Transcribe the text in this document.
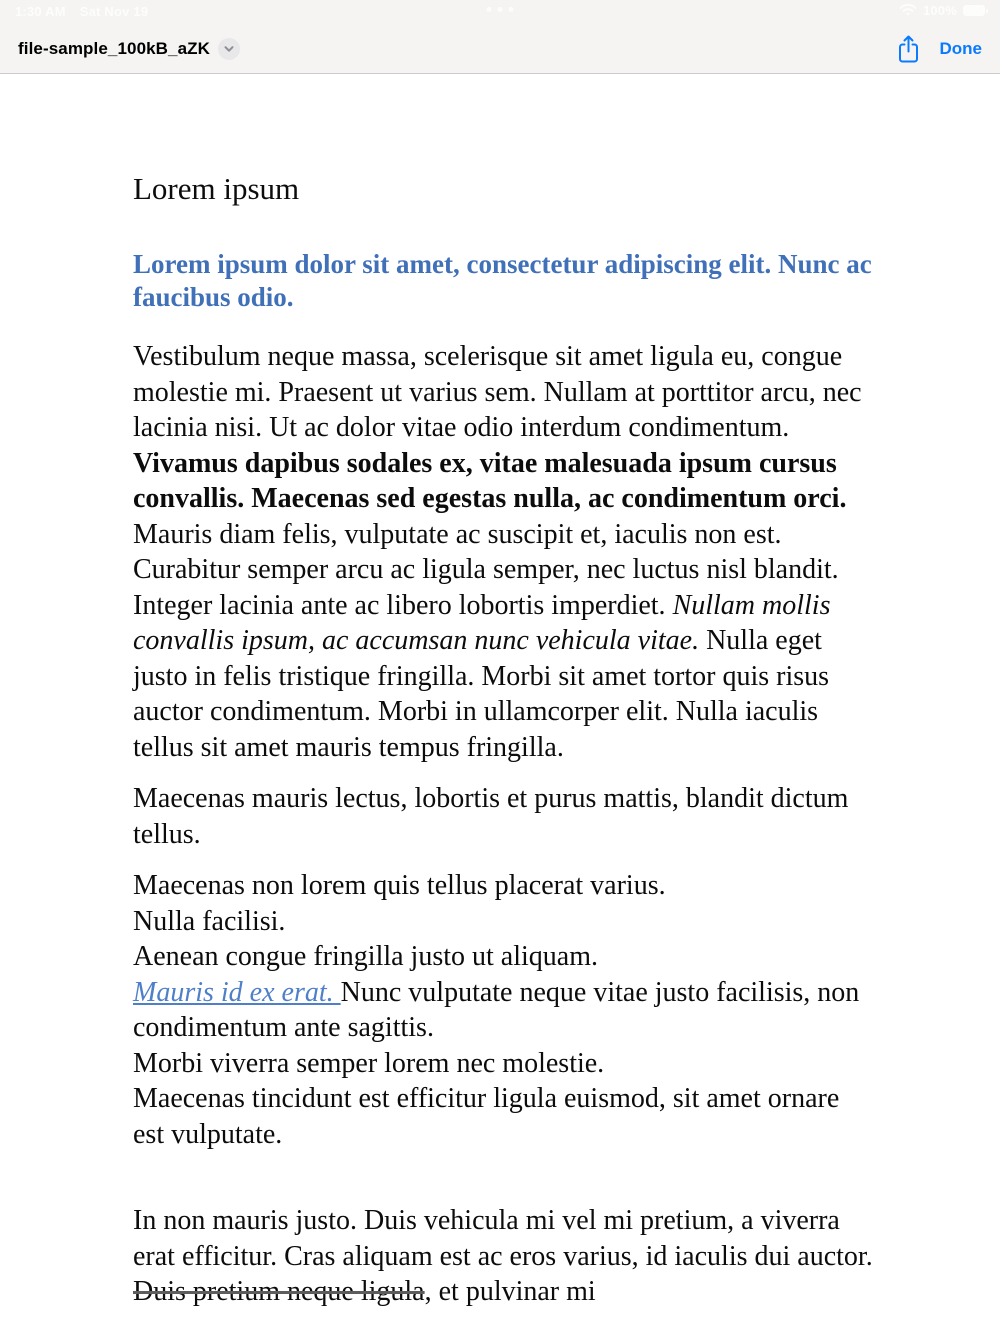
1:30 AM Sat Nov 19	100%
file-sample_100kB_aZK	Done
Lorem ipsum
Lorem ipsum dolor sit amet, consectetur adipiscing elit. Nunc ac
faucibus odio.

Vestibulum neque massa, scelerisque sit amet ligula eu, congue molestie mi. Praesent ut varius sem. Nullam at porttitor arcu, nec lacinia nisi. Ut ac dolor vitae odio interdum condimentum. Vivamus dapibus sodales ex, vitae malesuada ipsum cursus convallis. Maecenas sed egestas nulla, ac condimentum orci. Mauris diam felis, vulputate ac suscipit et, iaculis non est. Curabitur semper arcu ac ligula semper, nec luctus nisl blandit. Integer lacinia ante ac libero lobortis imperdiet. Nullam mollis convallis ipsum, ac accumsan nunc vehicula vitae. Nulla eget justo in felis tristique fringilla. Morbi sit amet tortor quis risus auctor condimentum. Morbi in ullamcorper elit. Nulla iaculis tellus sit amet mauris tempus fringilla.

Maecenas mauris lectus, lobortis et purus mattis, blandit dictum tellus.

Maecenas non lorem quis tellus placerat varius.
Nulla facilisi.
Aenean congue fringilla justo ut aliquam.
Mauris id ex erat. Nunc vulputate neque vitae justo facilisis, non condimentum ante sagittis.
Morbi viverra semper lorem nec molestie.
Maecenas tincidunt est efficitur ligula euismod, sit amet ornare est vulputate.

In non mauris justo. Duis vehicula mi vel mi pretium, a viverra erat efficitur. Cras aliquam est ac eros varius, id iaculis dui auctor. Duis pretium neque ligula, et pulvinar mi
